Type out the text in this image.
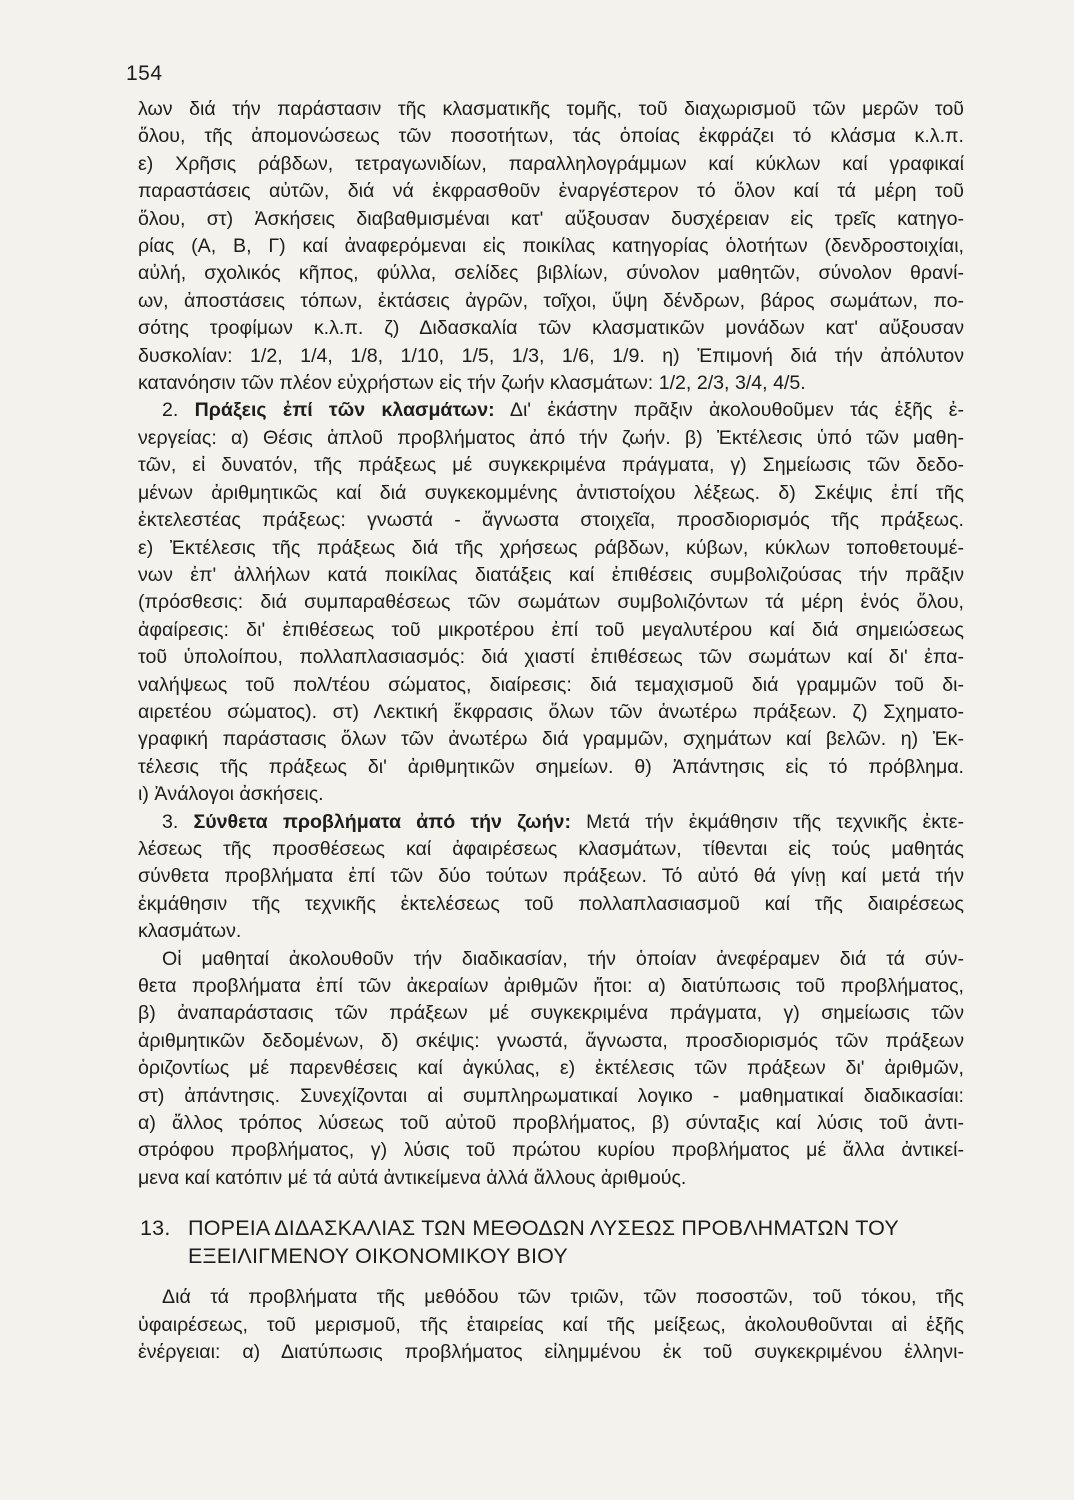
154
λων διά τήν παράστασιν τῆς κλασματικῆς τομῆς, τοῦ διαχωρισμοῦ τῶν μερῶν τοῦ
ὅλου, τῆς ἀπομονώσεως τῶν ποσοτήτων, τάς ὁποίας ἐκφράζει τό κλάσμα κ.λ.π.
ε) Χρῆσις ράβδων, τετραγωνιδίων, παραλληλογράμμων καί κύκλων καί γραφικαί
παραστάσεις αὐτῶν, διά νά ἐκφρασθοῦν ἐναργέστερον τό ὅλον καί τά μέρη τοῦ
ὅλου, στ) Ἀσκήσεις διαβαθμισμέναι κατ' αὔξουσαν δυσχέρειαν εἰς τρεῖς κατηγο-
ρίας (Α, Β, Γ) καί ἀναφερόμεναι εἰς ποικίλας κατηγορίας ὁλοτήτων (δενδροστοιχίαι,
αὐλή, σχολικός κῆπος, φύλλα, σελίδες βιβλίων, σύνολον μαθητῶν, σύνολον θρανί-
ων, ἀποστάσεις τόπων, ἐκτάσεις ἀγρῶν, τοῖχοι, ὕψη δένδρων, βάρος σωμάτων, πο-
σότης τροφίμων κ.λ.π. ζ) Διδασκαλία τῶν κλασματικῶν μονάδων κατ' αὔξουσαν
δυσκολίαν: 1/2, 1/4, 1/8, 1/10, 1/5, 1/3, 1/6, 1/9. η) Ἐπιμονή διά τήν ἀπόλυτον
κατανόησιν τῶν πλέον εὐχρήστων εἰς τήν ζωήν κλασμάτων: 1/2, 2/3, 3/4, 4/5.
2. Πράξεις ἐπί τῶν κλασμάτων: Δι' ἑκάστην πρᾶξιν ἀκολουθοῦμεν τάς ἑξῆς ἐ-
νεργείας: α) Θέσις ἁπλοῦ προβλήματος ἀπό τήν ζωήν. β) Ἐκτέλεσις ὑπό τῶν μαθη-
τῶν, εἰ δυνατόν, τῆς πράξεως μέ συγκεκριμένα πράγματα, γ) Σημείωσις τῶν δεδο-
μένων ἀριθμητικῶς καί διά συγκεκομμένης ἀντιστοίχου λέξεως. δ) Σκέψις ἐπί τῆς
ἐκτελεστέας πράξεως: γνωστά - ἄγνωστα στοιχεῖα, προσδιορισμός τῆς πράξεως.
ε) Ἐκτέλεσις τῆς πράξεως διά τῆς χρήσεως ράβδων, κύβων, κύκλων τοποθετουμέ-
νων ἐπ' ἀλλήλων κατά ποικίλας διατάξεις καί ἐπιθέσεις συμβολιζούσας τήν πρᾶξιν
(πρόσθεσις: διά συμπαραθέσεως τῶν σωμάτων συμβολιζόντων τά μέρη ἑνός ὅλου,
ἀφαίρεσις: δι' ἐπιθέσεως τοῦ μικροτέρου ἐπί τοῦ μεγαλυτέρου καί διά σημειώσεως
τοῦ ὑπολοίπου, πολλαπλασιασμός: διά χιαστί ἐπιθέσεως τῶν σωμάτων καί δι' ἐπα-
ναλήψεως τοῦ πολ/τέου σώματος, διαίρεσις: διά τεμαχισμοῦ διά γραμμῶν τοῦ δι-
αιρετέου σώματος). στ) Λεκτική ἔκφρασις ὅλων τῶν ἀνωτέρω πράξεων. ζ) Σχηματο-
γραφική παράστασις ὅλων τῶν ἀνωτέρω διά γραμμῶν, σχημάτων καί βελῶν. η) Ἐκ-
τέλεσις τῆς πράξεως δι' ἀριθμητικῶν σημείων. θ) Ἀπάντησις εἰς τό πρόβλημα.
ι) Ἀνάλογοι ἀσκήσεις.
3. Σύνθετα προβλήματα ἀπό τήν ζωήν: Μετά τήν ἐκμάθησιν τῆς τεχνικῆς ἐκτε-
λέσεως τῆς προσθέσεως καί ἀφαιρέσεως κλασμάτων, τίθενται εἰς τούς μαθητάς
σύνθετα προβλήματα ἐπί τῶν δύο τούτων πράξεων. Τό αὐτό θά γίνῃ καί μετά τήν
ἐκμάθησιν τῆς τεχνικῆς ἐκτελέσεως τοῦ πολλαπλασιασμοῦ καί τῆς διαιρέσεως
κλασμάτων.
Οἱ μαθηταί ἀκολουθοῦν τήν διαδικασίαν, τήν ὁποίαν ἀνεφέραμεν διά τά σύν-
θετα προβλήματα ἐπί τῶν ἀκεραίων ἀριθμῶν ἤτοι: α) διατύπωσις τοῦ προβλήματος,
β) ἀναπαράστασις τῶν πράξεων μέ συγκεκριμένα πράγματα, γ) σημείωσις τῶν
ἀριθμητικῶν δεδομένων, δ) σκέψις: γνωστά, ἄγνωστα, προσδιορισμός τῶν πράξεων
ὁριζοντίως μέ παρενθέσεις καί ἀγκύλας, ε) ἐκτέλεσις τῶν πράξεων δι' ἀριθμῶν,
στ) ἀπάντησις. Συνεχίζονται αἱ συμπληρωματικαί λογικο - μαθηματικαί διαδικασίαι:
α) ἄλλος τρόπος λύσεως τοῦ αὐτοῦ προβλήματος, β) σύνταξις καί λύσις τοῦ ἀντι-
στρόφου προβλήματος, γ) λύσις τοῦ πρώτου κυρίου προβλήματος μέ ἄλλα ἀντικεί-
μενα καί κατόπιν μέ τά αὐτά ἀντικείμενα ἀλλά ἄλλους ἀριθμούς.
13. ΠΟΡΕΙΑ ΔΙΔΑΣΚΑΛΙΑΣ ΤΩΝ ΜΕΘΟΔΩΝ ΛΥΣΕΩΣ ΠΡΟΒΛΗΜΑΤΩΝ ΤΟΥ
ΕΞΕΙΛΙΓΜΕΝΟΥ ΟΙΚΟΝΟΜΙΚΟΥ ΒΙΟΥ
Διά τά προβλήματα τῆς μεθόδου τῶν τριῶν, τῶν ποσοστῶν, τοῦ τόκου, τῆς
ὑφαιρέσεως, τοῦ μερισμοῦ, τῆς ἑταιρείας καί τῆς μείξεως, ἀκολουθοῦνται αἱ ἑξῆς
ἐνέργειαι: α) Διατύπωσις προβλήματος εἰλημμένου ἐκ τοῦ συγκεκριμένου ἑλληνι-
